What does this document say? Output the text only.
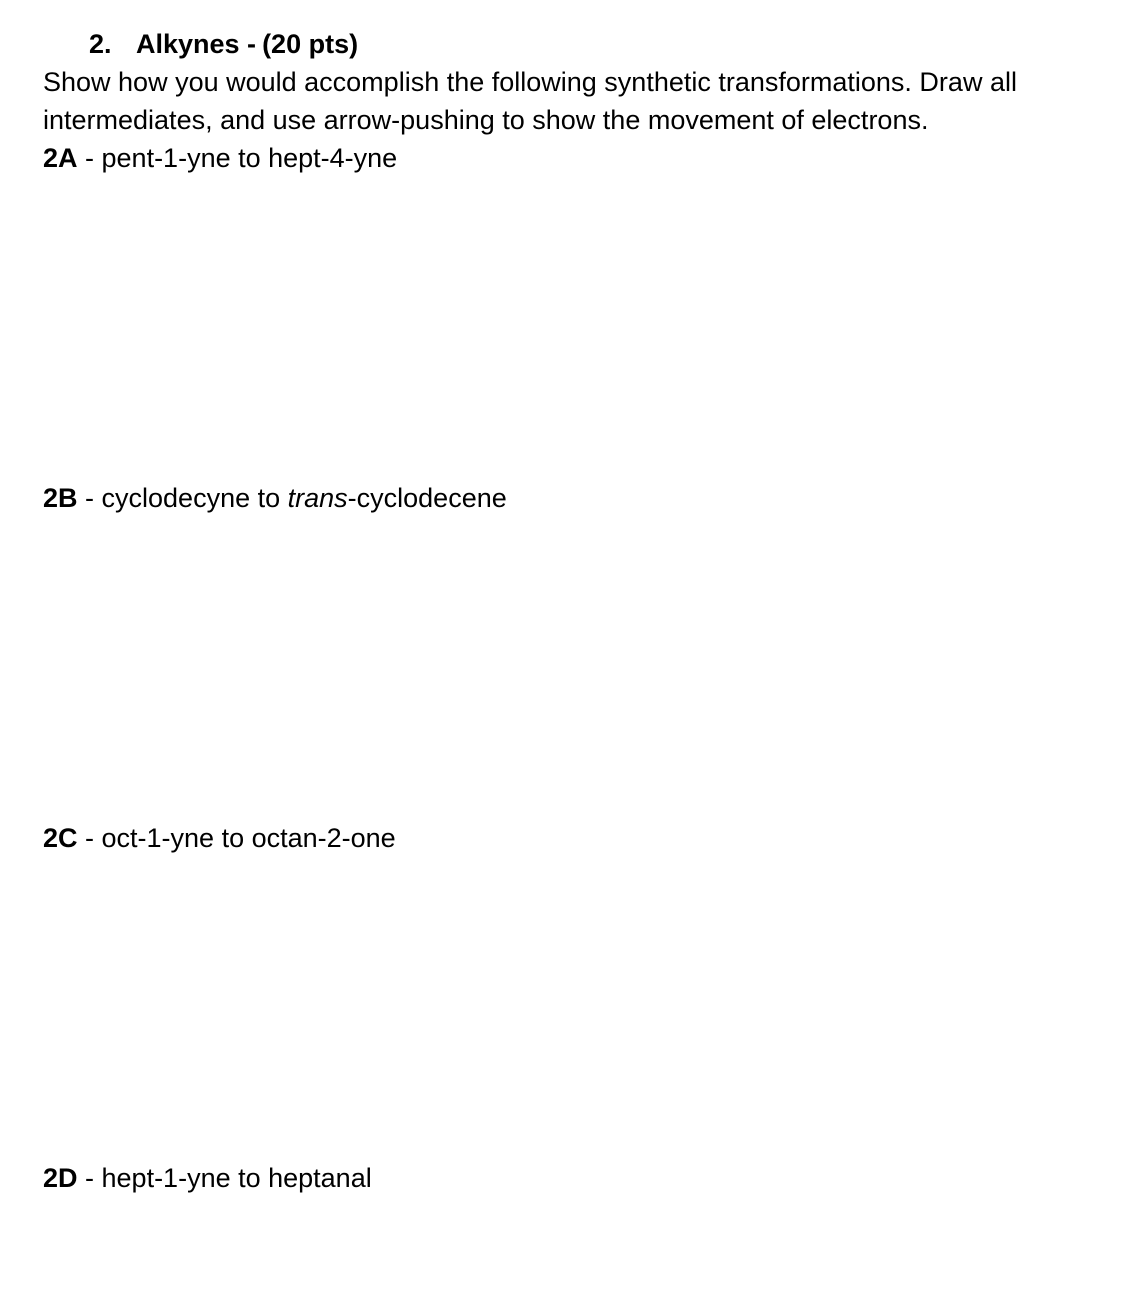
2. Alkynes - (20 pts)
Show how you would accomplish the following synthetic transformations. Draw all
intermediates, and use arrow-pushing to show the movement of electrons.
2A - pent-1-yne to hept-4-yne
2B - cyclodecyne to trans-cyclodecene
2C - oct-1-yne to octan-2-one
2D - hept-1-yne to heptanal
